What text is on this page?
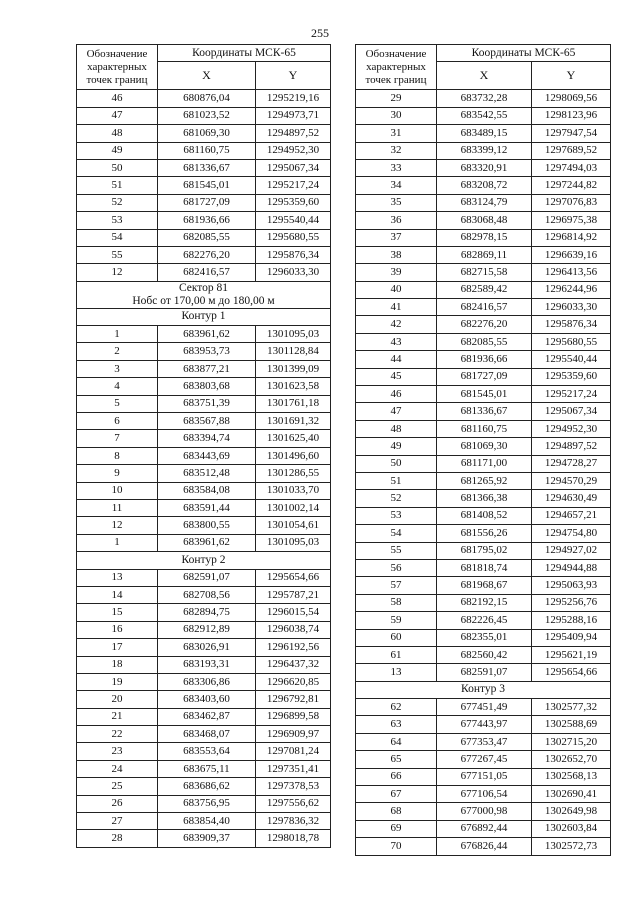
255
Обозначение характерных точек границ	Координаты МСК-65	
	X	Y
46	680876,04	1295219,16
47	681023,52	1294973,71
48	681069,30	1294897,52
49	681160,75	1294952,30
50	681336,67	1295067,34
51	681545,01	1295217,24
52	681727,09	1295359,60
53	681936,66	1295540,44
54	682085,55	1295680,55
55	682276,20	1295876,34
12	682416,57	1296033,30
Сектор 81
Нобс от 170,00 м до 180,00 м		
Контур 1		
1	683961,62	1301095,03
2	683953,73	1301128,84
3	683877,21	1301399,09
4	683803,68	1301623,58
5	683751,39	1301761,18
6	683567,88	1301691,32
7	683394,74	1301625,40
8	683443,69	1301496,60
9	683512,48	1301286,55
10	683584,08	1301033,70
11	683591,44	1301002,14
12	683800,55	1301054,61
1	683961,62	1301095,03
Контур 2		
13	682591,07	1295654,66
14	682708,56	1295787,21
15	682894,75	1296015,54
16	682912,89	1296038,74
17	683026,91	1296192,56
18	683193,31	1296437,32
19	683306,86	1296620,85
20	683403,60	1296792,81
21	683462,87	1296899,58
22	683468,07	1296909,97
23	683553,64	1297081,24
24	683675,11	1297351,41
25	683686,62	1297378,53
26	683756,95	1297556,62
27	683854,40	1297836,32
28	683909,37	1298018,78
Обозначение характерных точек границ	Координаты МСК-65	
	X	Y
29	683732,28	1298069,56
30	683542,55	1298123,96
31	683489,15	1297947,54
32	683399,12	1297689,52
33	683320,91	1297494,03
34	683208,72	1297244,82
35	683124,79	1297076,83
36	683068,48	1296975,38
37	682978,15	1296814,92
38	682869,11	1296639,16
39	682715,58	1296413,56
40	682589,42	1296244,96
41	682416,57	1296033,30
42	682276,20	1295876,34
43	682085,55	1295680,55
44	681936,66	1295540,44
45	681727,09	1295359,60
46	681545,01	1295217,24
47	681336,67	1295067,34
48	681160,75	1294952,30
49	681069,30	1294897,52
50	681171,00	1294728,27
51	681265,92	1294570,29
52	681366,38	1294630,49
53	681408,52	1294657,21
54	681556,26	1294754,80
55	681795,02	1294927,02
56	681818,74	1294944,88
57	681968,67	1295063,93
58	682192,15	1295256,76
59	682226,45	1295288,16
60	682355,01	1295409,94
61	682560,42	1295621,19
13	682591,07	1295654,66
Контур 3		
62	677451,49	1302577,32
63	677443,97	1302588,69
64	677353,47	1302715,20
65	677267,45	1302652,70
66	677151,05	1302568,13
67	677106,54	1302690,41
68	677000,98	1302649,98
69	676892,44	1302603,84
70	676826,44	1302572,73
